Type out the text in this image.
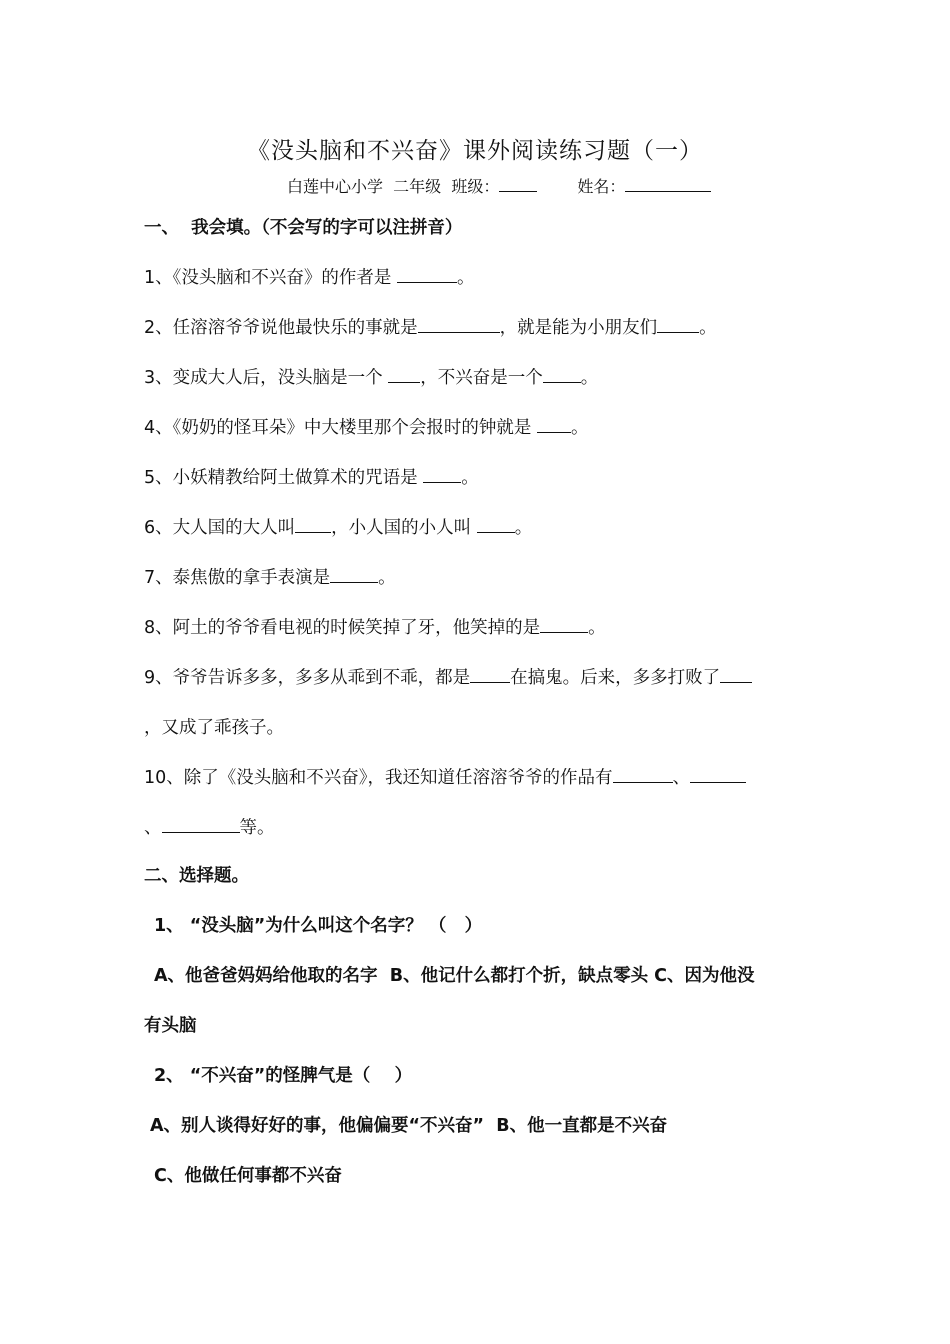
《没头脑和不兴奋》课外阅读练习题（一）
白莲中心小学  二年级  班级：	姓名：
一、  我会填。（不会写的字可以注拼音）
1、《没头脑和不兴奋》的作者是	。
2、任溶溶爷爷说他最快乐的事就是	，就是能为小朋友们 。
3、变成大人后，没头脑是一个 ，不兴奋是一个 。
4、《奶奶的怪耳朵》中大楼里那个会报时的钟就是 。
5、小妖精教给阿土做算术的咒语是 。
6、大人国的大人叫 ，小人国的小人叫 。
7、泰焦傲的拿手表演是	。
8、阿土的爷爷看电视的时候笑掉了牙，他笑掉的是	。
9、爷爷告诉多多，多多从乖到不乖，都是 在搞鬼。后来，多多打败了
，又成了乖孩子。
10、除了《没头脑和不兴奋》，我还知道任溶溶爷爷的作品有	、
、	等。
二、选择题。
1、 “没头脑”为什么叫这个名字？ （   ）
A、他爸爸妈妈给他取的名字  B、他记什么都打个折，缺点零头 C、因为他没
有头脑
2、 “不兴奋”的怪脾气是（    ）
A、别人谈得好好的事，他偏偏要“不兴奋”  B、他一直都是不兴奋
C、他做任何事都不兴奋
